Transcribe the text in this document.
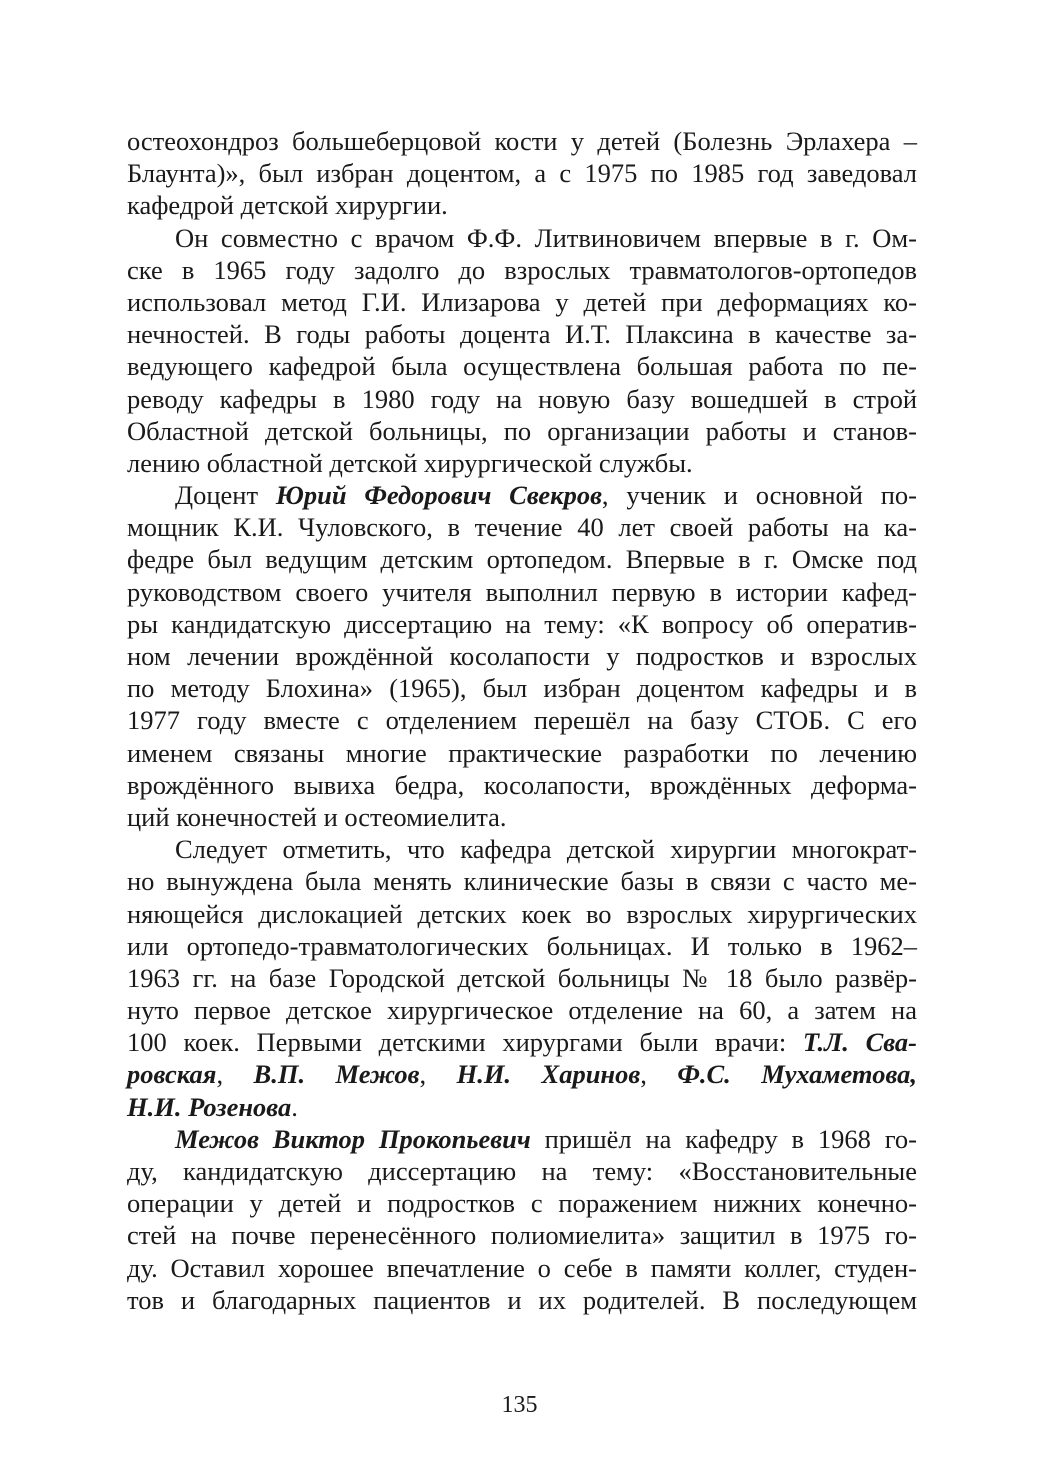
остеохондроз большеберцовой кости у детей (Болезнь Эрлахера –
Блаунта)», был избран доцентом, а с 1975 по 1985 год заведовал
кафедрой детской хирургии.
Он совместно с врачом Ф.Ф. Литвиновичем впервые в г. Ом-
ске в 1965 году задолго до взрослых травматологов-ортопедов
использовал метод Г.И. Илизарова у детей при деформациях ко-
нечностей. В годы работы доцента И.Т. Плаксина в качестве за-
ведующего кафедрой была осуществлена большая работа по пе-
реводу кафедры в 1980 году на новую базу вошедшей в строй
Областной детской больницы, по организации работы и станов-
лению областной детской хирургической службы.
Доцент Юрий Федорович Свекров, ученик и основной по-
мощник К.И. Чуловского, в течение 40 лет своей работы на ка-
федре был ведущим детским ортопедом. Впервые в г. Омске под
руководством своего учителя выполнил первую в истории кафед-
ры кандидатскую диссертацию на тему: «К вопросу об оператив-
ном лечении врождённой косолапости у подростков и взрослых
по методу Блохина» (1965), был избран доцентом кафедры и в
1977 году вместе с отделением перешёл на базу СТОБ. С его
именем связаны многие практические разработки по лечению
врождённого вывиха бедра, косолапости, врождённых деформа-
ций конечностей и остеомиелита.
Следует отметить, что кафедра детской хирургии многократ-
но вынуждена была менять клинические базы в связи с часто ме-
няющейся дислокацией детских коек во взрослых хирургических
или ортопедо-травматологических больницах. И только в 1962–
1963 гг. на базе Городской детской больницы № 18 было развёр-
нуто первое детское хирургическое отделение на 60, а затем на
100 коек. Первыми детскими хирургами были врачи: Т.Л. Сва-
ровская, В.П. Межов, Н.И. Харинов, Ф.С. Мухаметова,
Н.И. Розенова.
Межов Виктор Прокопьевич пришёл на кафедру в 1968 го-
ду, кандидатскую диссертацию на тему: «Восстановительные
операции у детей и подростков с поражением нижних конечно-
стей на почве перенесённого полиомиелита» защитил в 1975 го-
ду. Оставил хорошее впечатление о себе в памяти коллег, студен-
тов и благодарных пациентов и их родителей. В последующем
135
